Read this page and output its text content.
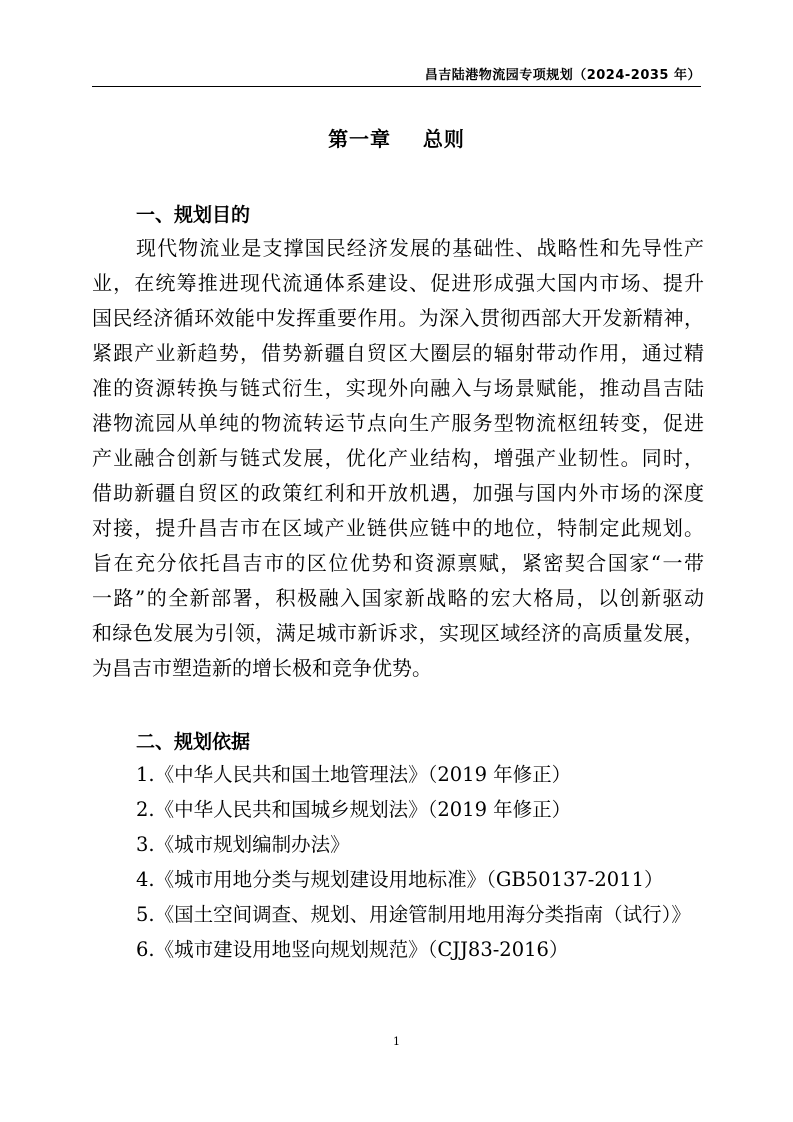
昌吉陆港物流园专项规划（2024-2035 年）
第一章    总则
一、规划目的
现代物流业是支撑国民经济发展的基础性、战略性和先导性产
业，在统筹推进现代流通体系建设、促进形成强大国内市场、提升
国民经济循环效能中发挥重要作用。为深入贯彻西部大开发新精神，
紧跟产业新趋势，借势新疆自贸区大圈层的辐射带动作用，通过精
准的资源转换与链式衍生，实现外向融入与场景赋能，推动昌吉陆
港物流园从单纯的物流转运节点向生产服务型物流枢纽转变，促进
产业融合创新与链式发展，优化产业结构，增强产业韧性。同时，
借助新疆自贸区的政策红利和开放机遇，加强与国内外市场的深度
对接，提升昌吉市在区域产业链供应链中的地位，特制定此规划。
旨在充分依托昌吉市的区位优势和资源禀赋，紧密契合国家“一带
一路”的全新部署，积极融入国家新战略的宏大格局，以创新驱动
和绿色发展为引领，满足城市新诉求，实现区域经济的高质量发展，
为昌吉市塑造新的增长极和竞争优势。
二、规划依据
1.《中华人民共和国土地管理法》（2019 年修正）
2.《中华人民共和国城乡规划法》（2019 年修正）
3.《城市规划编制办法》
4.《城市用地分类与规划建设用地标准》（GB50137-2011）
5.《国土空间调查、规划、用途管制用地用海分类指南（试行）》
6.《城市建设用地竖向规划规范》（CJJ83-2016）
1
